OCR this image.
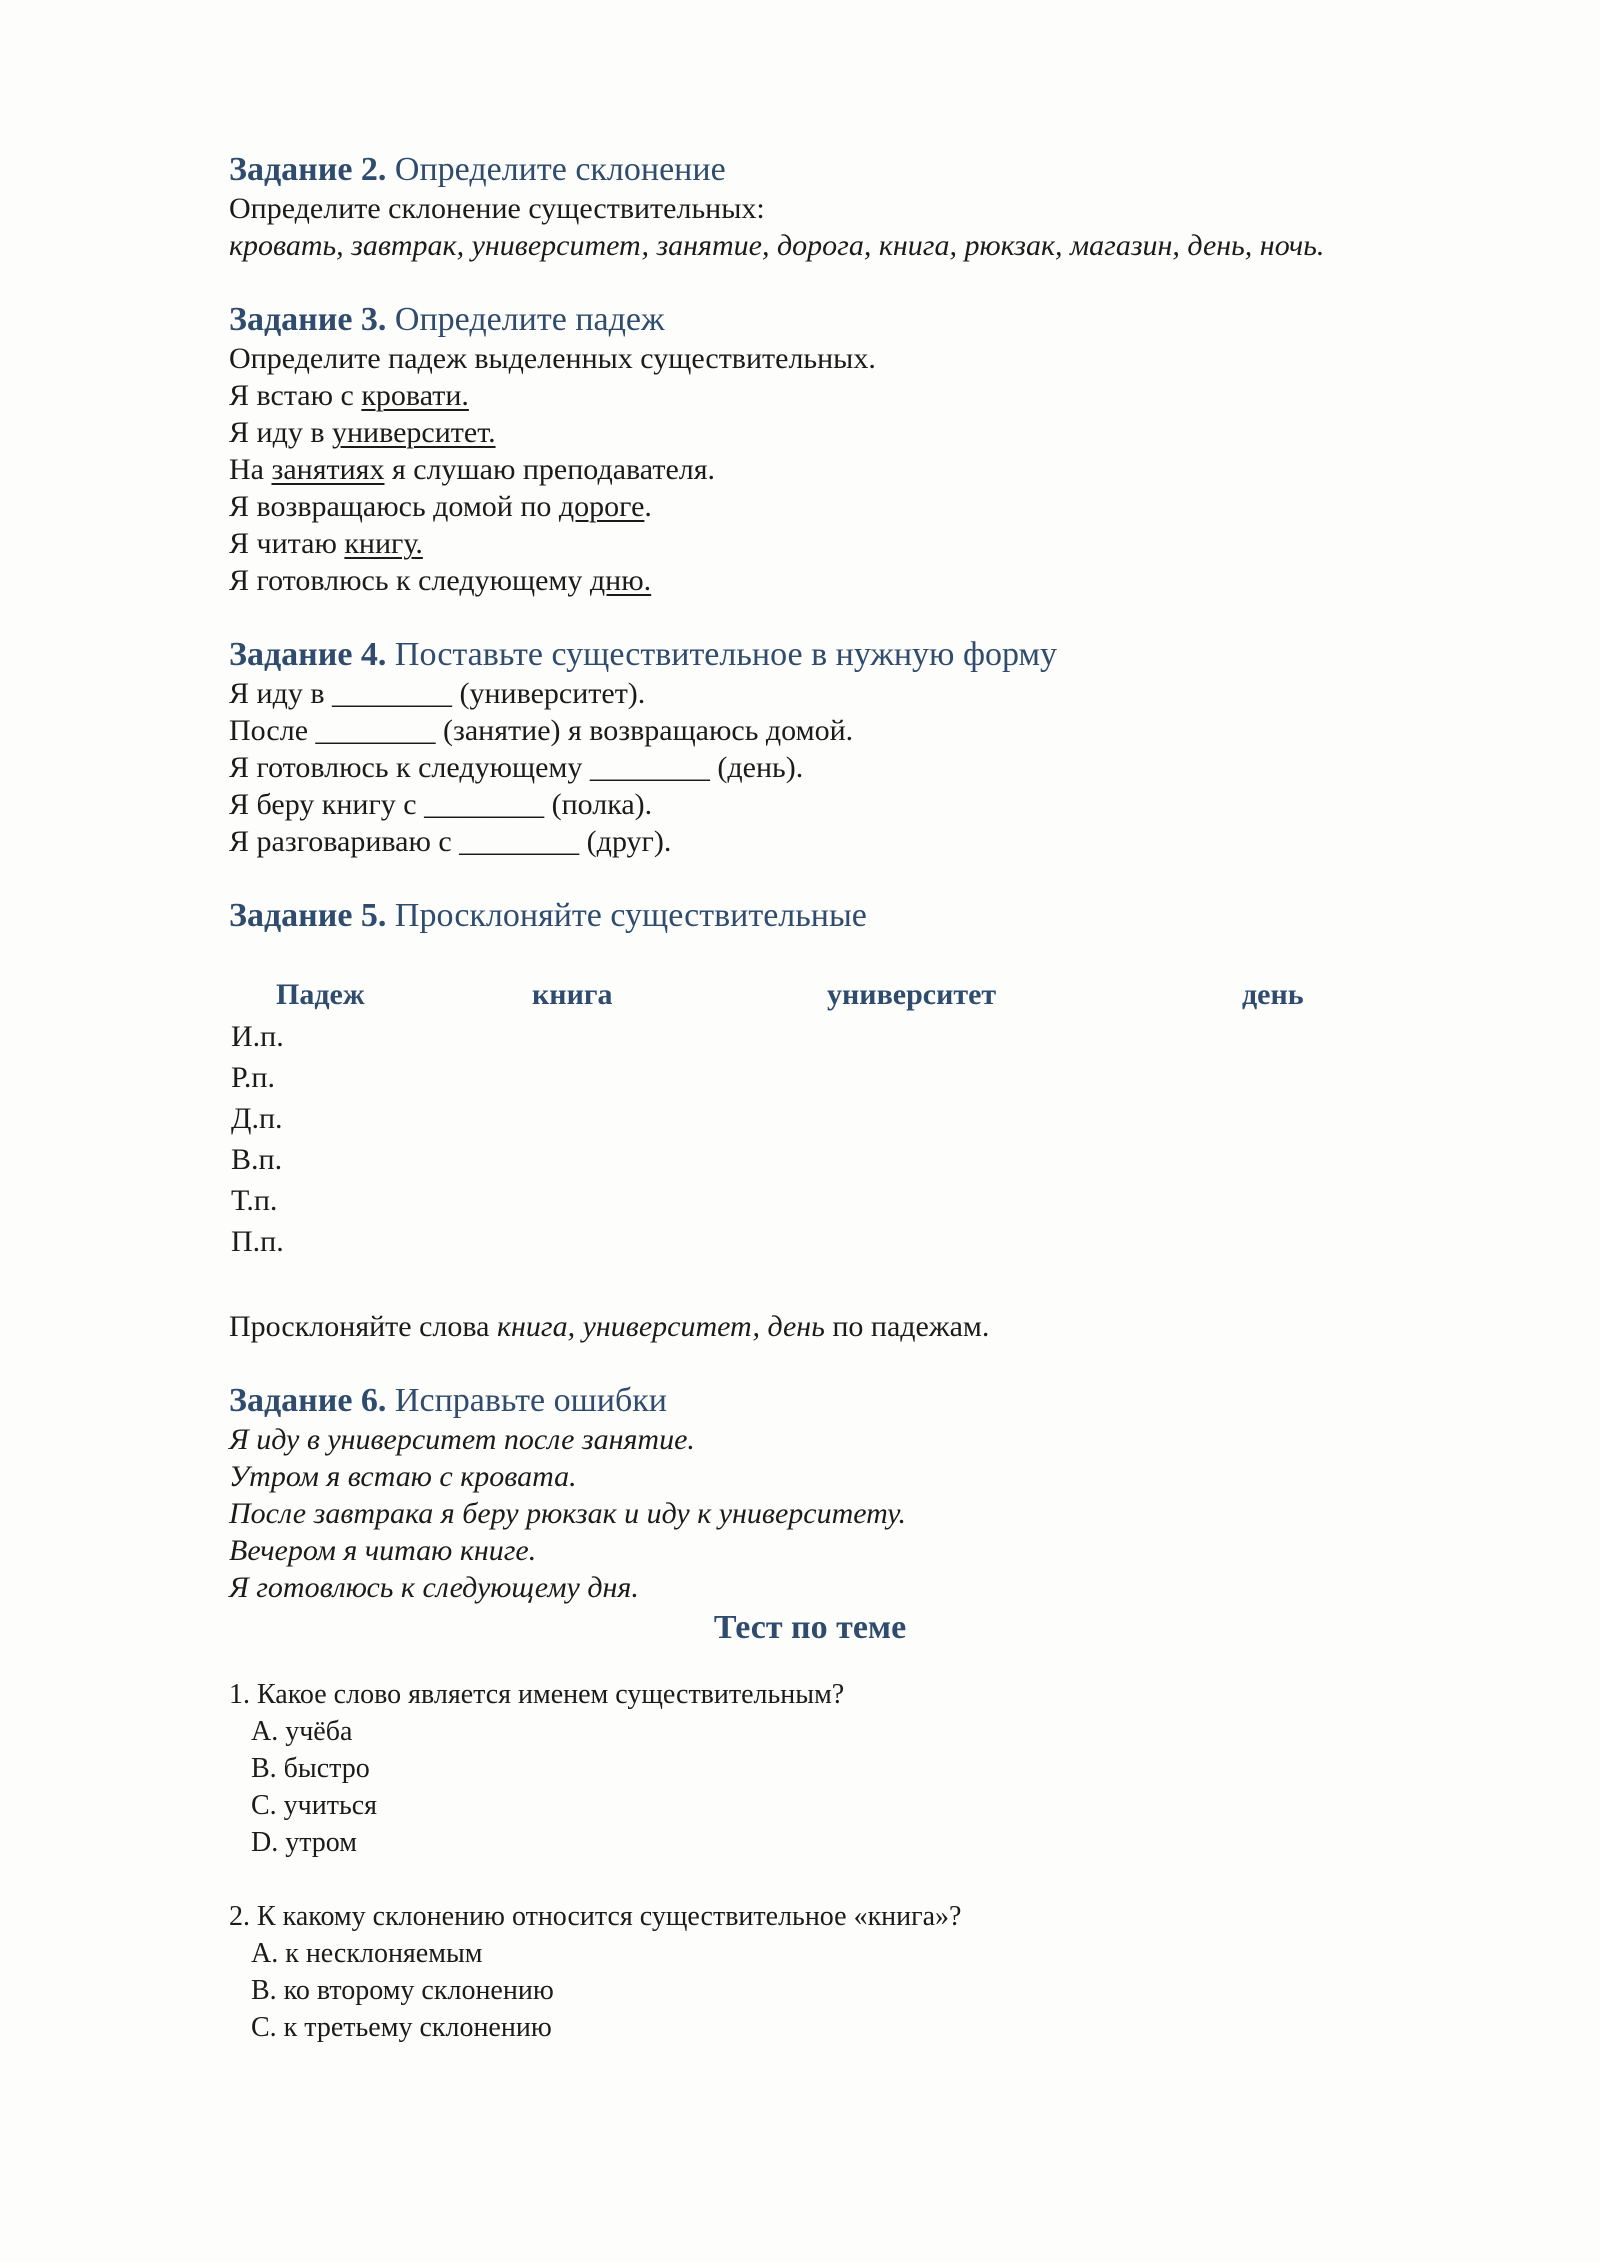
Задание 2. Определите склонение

Определите склонение существительных:

кровать, завтрак, университет, занятие, дорога, книга, рюкзак, магазин, день, ночь.

Задание 3. Определите падеж

Определите падеж выделенных существительных.

Я встаю с кровати.

Я иду в университет.

На занятиях я слушаю преподавателя.

Я возвращаюсь домой по дороге.

Я читаю книгу.

Я готовлюсь к следующему дню.

Задание 4. Поставьте существительное в нужную форму

Я иду в ________ (университет).

После ________ (занятие) я возвращаюсь домой.

Я готовлюсь к следующему ________ (день).

Я беру книгу с ________ (полка).

Я разговариваю с ________ (друг).

Задание 5. Просклоняйте существительные

Падеж	книга	университет	день
И.п.
Р.п.
Д.п.
В.п.
Т.п.
П.п.

Просклоняйте слова книга, университет, день по падежам.

Задание 6. Исправьте ошибки

Я иду в университет после занятие.

Утром я встаю с кровата.

После завтрака я беру рюкзак и иду к университету.

Вечером я читаю книге.

Я готовлюсь к следующему дня.

Тест по теме

1. Какое слово является именем существительным?

A. учёба

B. быстро

C. учиться

D. утром

2. К какому склонению относится существительное «книга»?

A. к несклоняемым

B. ко второму склонению

C. к третьему склонению
